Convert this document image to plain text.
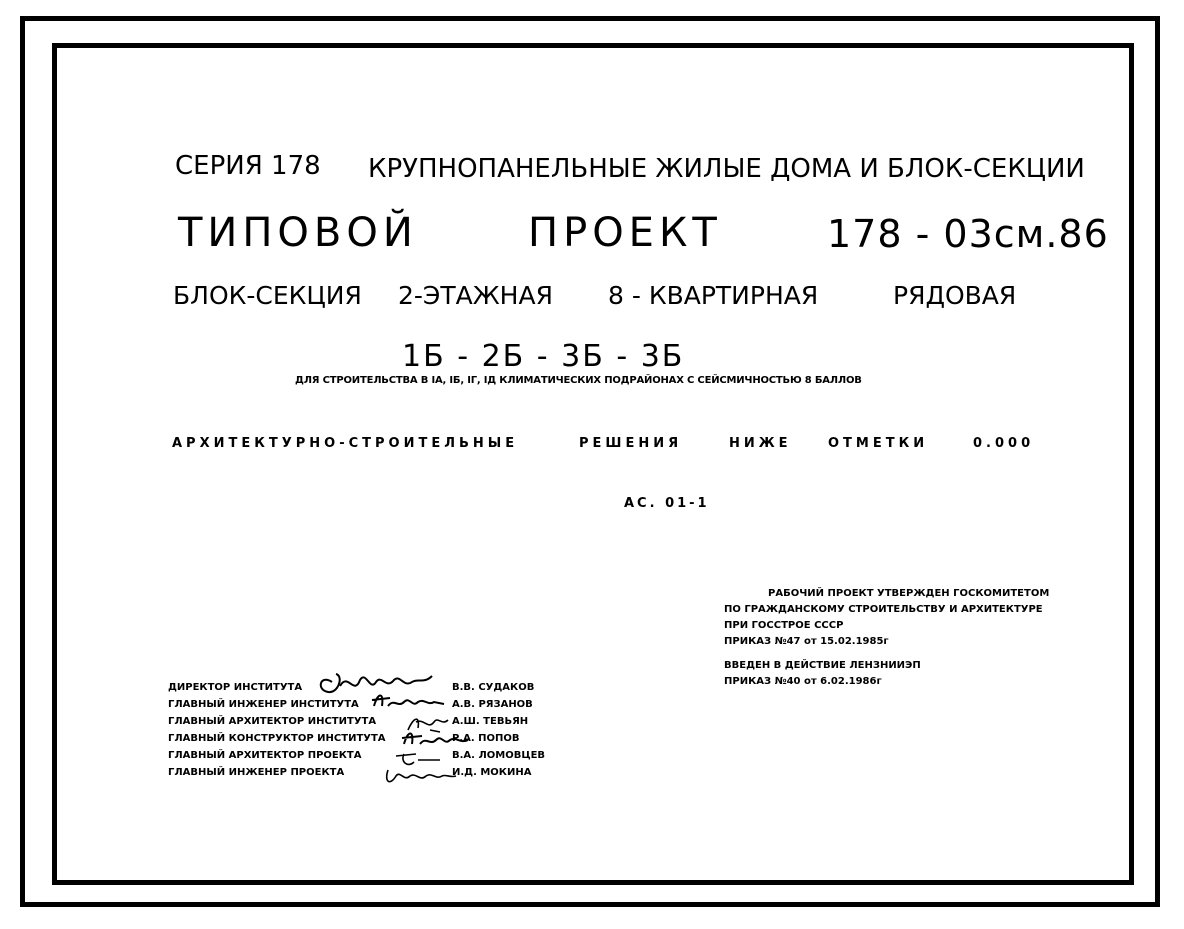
СЕРИЯ 178 КРУПНОПАНЕЛЬНЫЕ ЖИЛЫЕ ДОМА И БЛОК-СЕКЦИИ
ТИПОВОЙ	ПРОЕКТ	178 - 03см.86
БЛОК-СЕКЦИЯ 2-ЭТАЖНАЯ 8 - КВАРТИРНАЯ	РЯДОВАЯ
1Б - 2Б - 3Б - 3Б
ДЛЯ СТРОИТЕЛЬСТВА В IА, IБ, IГ, IД КЛИМАТИЧЕСКИХ ПОДРАЙОНАХ С СЕЙСМИЧНОСТЬЮ 8 БАЛЛОВ
АРХИТЕКТУРНО-СТРОИТЕЛЬНЫЕ	РЕШЕНИЯ	НИЖЕ	ОТМЕТКИ	0.000
АС. 01-1
РАБОЧИЙ ПРОЕКТ УТВЕРЖДЕН ГОСКОМИТЕТОМ
ПО ГРАЖДАНСКОМУ СТРОИТЕЛЬСТВУ И АРХИТЕКТУРЕ
ПРИ ГОССТРОЕ СССР
ПРИКАЗ №47 от 15.02.1985г
ВВЕДЕН В ДЕЙСТВИЕ ЛЕНЗНИИЭП
ПРИКАЗ №40 от 6.02.1986г
ДИРЕКТОР ИНСТИТУТА	В.В. СУДАКОВ
ГЛАВНЫЙ ИНЖЕНЕР ИНСТИТУТА	А.В. РЯЗАНОВ
ГЛАВНЫЙ АРХИТЕКТОР ИНСТИТУТА	А.Ш. ТЕВЬЯН
ГЛАВНЫЙ КОНСТРУКТОР ИНСТИТУТА	Р.А. ПОПОВ
ГЛАВНЫЙ АРХИТЕКТОР ПРОЕКТА	В.А. ЛОМОВЦЕВ
ГЛАВНЫЙ ИНЖЕНЕР ПРОЕКТА	И.Д. МОКИНА
